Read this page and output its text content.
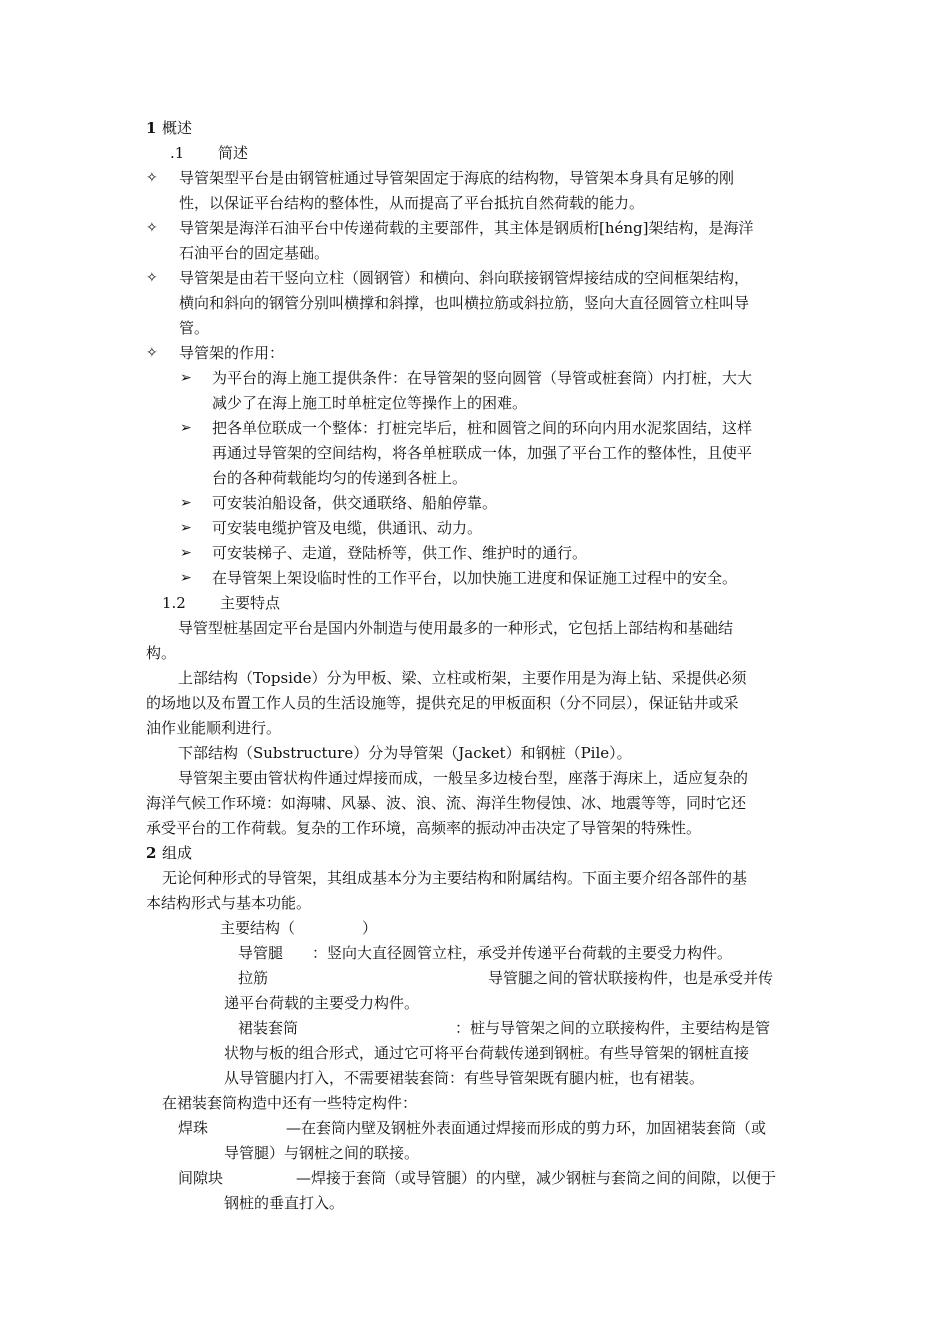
1 概述
.1 简述
✧ 导管架型平台是由钢管桩通过导管架固定于海底的结构物，导管架本身具有足够的刚
性，以保证平台结构的整体性，从而提高了平台抵抗自然荷载的能力。
✧ 导管架是海洋石油平台中传递荷载的主要部件，其主体是钢质桁[héng]架结构，是海洋
石油平台的固定基础。
✧ 导管架是由若干竖向立柱（圆钢管）和横向、斜向联接钢管焊接结成的空间框架结构，
横向和斜向的钢管分别叫横撑和斜撑，也叫横拉筋或斜拉筋，竖向大直径圆管立柱叫导
管。
✧ 导管架的作用：
➢ 为平台的海上施工提供条件：在导管架的竖向圆管（导管或桩套筒）内打桩，大大
减少了在海上施工时单桩定位等操作上的困难。
➢ 把各单位联成一个整体：打桩完毕后，桩和圆管之间的环向内用水泥浆固结，这样
再通过导管架的空间结构，将各单桩联成一体，加强了平台工作的整体性，且使平
台的各种荷载能均匀的传递到各桩上。
➢ 可安装泊船设备，供交通联络、船舶停靠。
➢ 可安装电缆护管及电缆，供通讯、动力。
➢ 可安装梯子、走道，登陆桥等，供工作、维护时的通行。
➢ 在导管架上架设临时性的工作平台，以加快施工进度和保证施工过程中的安全。
1.2 主要特点
导管型桩基固定平台是国内外制造与使用最多的一种形式，它包括上部结构和基础结
构。
上部结构（Topside）分为甲板、梁、立柱或桁架，主要作用是为海上钻、采提供必须
的场地以及布置工作人员的生活设施等，提供充足的甲板面积（分不同层），保证钻井或采
油作业能顺利进行。
下部结构（Substructure）分为导管架（Jacket）和钢桩（Pile）。
导管架主要由管状构件通过焊接而成，一般呈多边棱台型，座落于海床上，适应复杂的
海洋气候工作环境：如海啸、风暴、波、浪、流、海洋生物侵蚀、冰、地震等等，同时它还
承受平台的工作荷载。复杂的工作环境，高频率的振动冲击决定了导管架的特殊性。
2 组成
无论何种形式的导管架，其组成基本分为主要结构和附属结构。下面主要介绍各部件的基
本结构形式与基本功能。
主要结构（	）
导管腿 ：竖向大直径圆管立柱，承受并传递平台荷载的主要受力构件。
拉筋	导管腿之间的管状联接构件，也是承受并传
递平台荷载的主要受力构件。
裙装套筒	：桩与导管架之间的立联接构件，主要结构是管
状物与板的组合形式，通过它可将平台荷载传递到钢桩。有些导管架的钢桩直接
从导管腿内打入，不需要裙装套筒：有些导管架既有腿内桩，也有裙装。
在裙装套筒构造中还有一些特定构件：
焊珠	—在套筒内壁及钢桩外表面通过焊接而形成的剪力环，加固裙装套筒（或
导管腿）与钢桩之间的联接。
间隙块	—焊接于套筒（或导管腿）的内壁，减少钢桩与套筒之间的间隙，以便于
钢桩的垂直打入。
